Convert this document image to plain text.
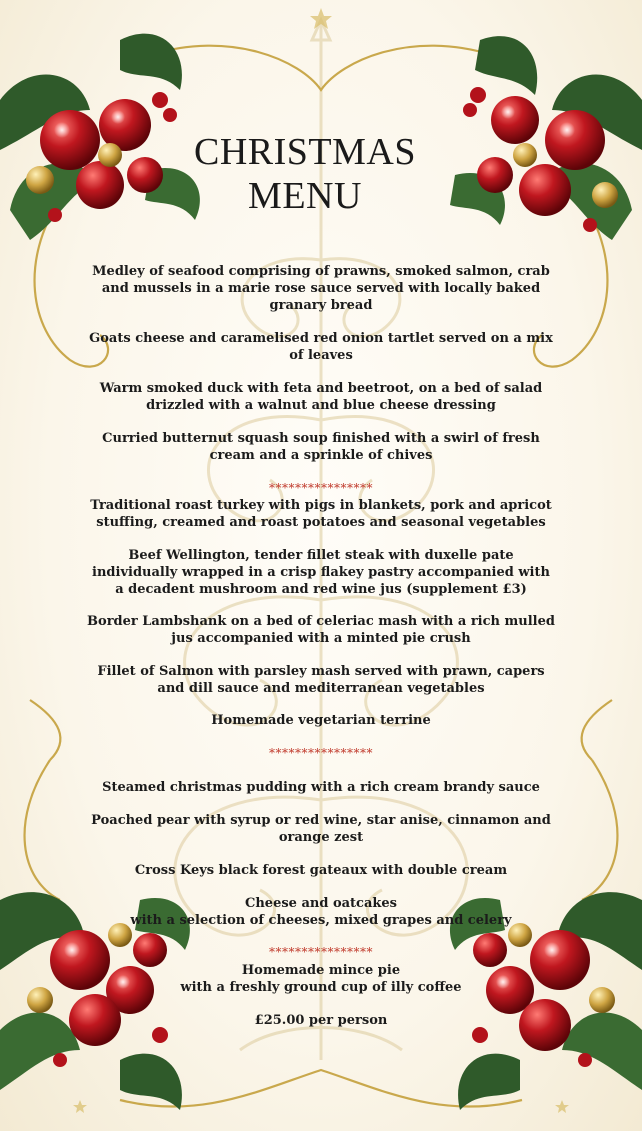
CHRISTMAS
MENU
Medley of seafood comprising of prawns, smoked salmon, crab
and mussels in a marie rose sauce served with locally baked
granary bread
Goats cheese and caramelised red onion tartlet served on a mix
of leaves
Warm smoked duck with feta and beetroot, on a bed of salad
drizzled with a walnut and blue cheese dressing
Curried butternut squash soup finished with a swirl of fresh
cream and a sprinkle of chives
****************
Traditional roast turkey with pigs in blankets, pork and apricot
stuffing, creamed and roast potatoes and seasonal vegetables
Beef Wellington, tender fillet steak with duxelle pate
individually wrapped in a crisp flakey pastry accompanied with
a decadent mushroom and red wine jus (supplement £3)
Border Lambshank on a bed of celeriac mash with a rich mulled
jus accompanied with a minted pie crush
Fillet of Salmon with parsley mash served with prawn, capers
and dill sauce and mediterranean vegetables
Homemade vegetarian terrine
****************
Steamed christmas pudding with a rich cream brandy sauce
Poached pear with syrup or red wine, star anise, cinnamon and
orange zest
Cross Keys black forest gateaux with double cream
Cheese and oatcakes
with a selection of cheeses, mixed grapes and celery
****************
Homemade mince pie
with a freshly ground cup of illy coffee
£25.00 per person
